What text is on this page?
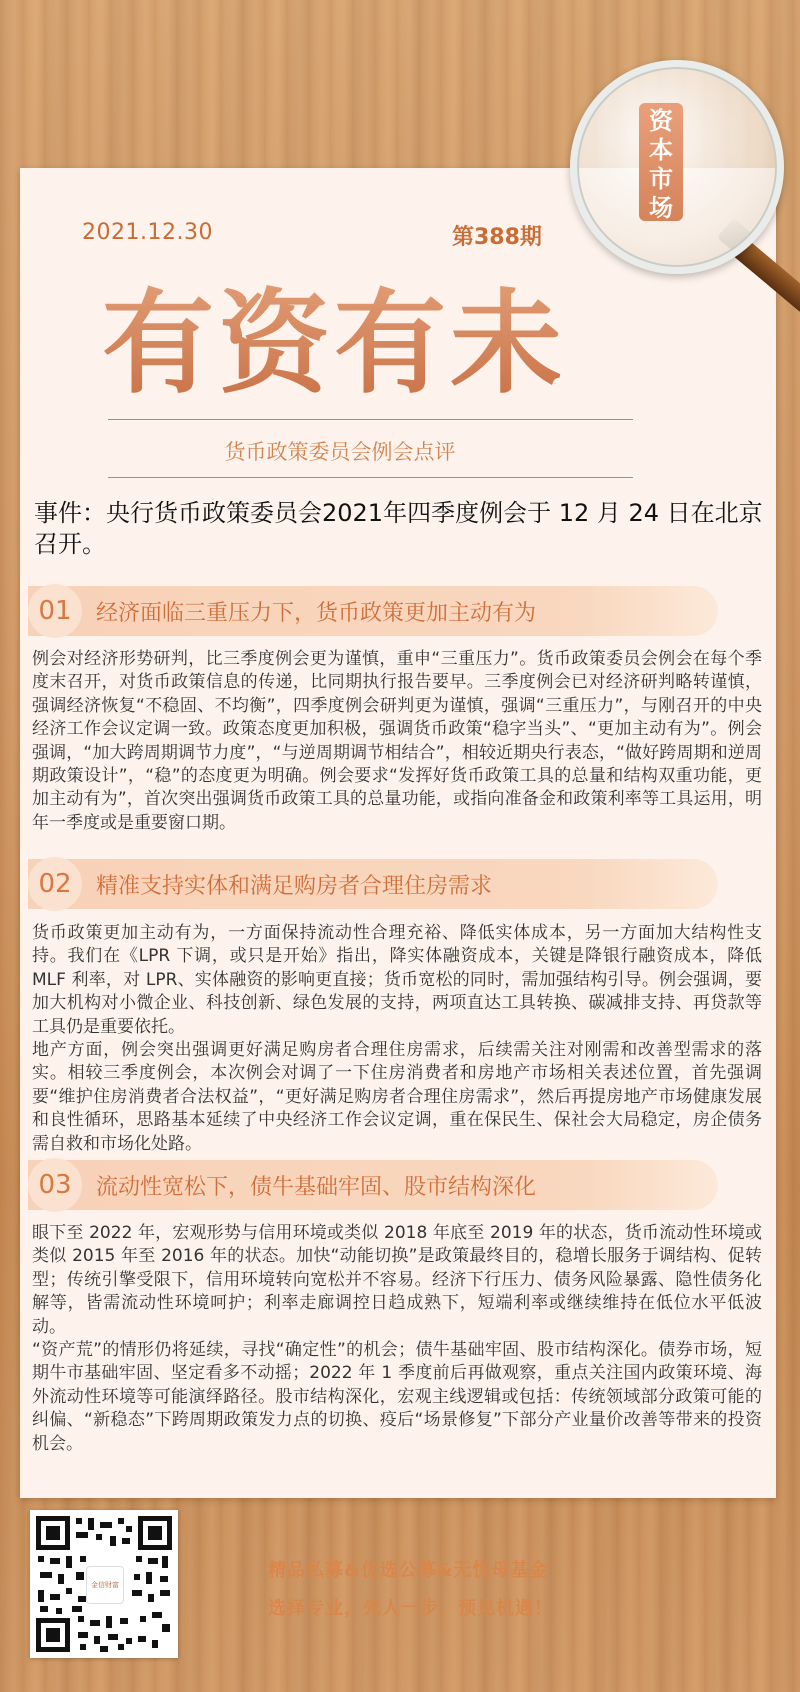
2021.12.30	第388期
有资有未
货币政策委员会例会点评
事件：央行货币政策委员会2021年四季度例会于 12 月 24 日在北京召开。
01	经济面临三重压力下，货币政策更加主动有为

例会对经济形势研判，比三季度例会更为谨慎，重申“三重压力”。货币政策委员会例会在每个季度末召开，对货币政策信息的传递，比同期执行报告要早。三季度例会已对经济研判略转谨慎，强调经济恢复“不稳固、不均衡”，四季度例会研判更为谨慎，强调“三重压力”，与刚召开的中央经济工作会议定调一致。政策态度更加积极，强调货币政策“稳字当头”、“更加主动有为”。例会强调，“加大跨周期调节力度”，“与逆周期调节相结合”，相较近期央行表态，“做好跨周期和逆周期政策设计”，“稳”的态度更为明确。例会要求“发挥好货币政策工具的总量和结构双重功能，更加主动有为”，首次突出强调货币政策工具的总量功能，或指向准备金和政策利率等工具运用，明年一季度或是重要窗口期。

02	精准支持实体和满足购房者合理住房需求

货币政策更加主动有为，一方面保持流动性合理充裕、降低实体成本，另一方面加大结构性支持。我们在《LPR 下调，或只是开始》指出，降实体融资成本，关键是降银行融资成本，降低 MLF 利率，对 LPR、实体融资的影响更直接；货币宽松的同时，需加强结构引导。例会强调，要加大机构对小微企业、科技创新、绿色发展的支持，两项直达工具转换、碳减排支持、再贷款等工具仍是重要依托。

地产方面，例会突出强调更好满足购房者合理住房需求，后续需关注对刚需和改善型需求的落实。相较三季度例会，本次例会对调了一下住房消费者和房地产市场相关表述位置，首先强调要“维护住房消费者合法权益”，“更好满足购房者合理住房需求”，然后再提房地产市场健康发展和良性循环，思路基本延续了中央经济工作会议定调，重在保民生、保社会大局稳定，房企债务需自救和市场化处路。

03	流动性宽松下，债牛基础牢固、股市结构深化

眼下至 2022 年，宏观形势与信用环境或类似 2018 年底至 2019 年的状态，货币流动性环境或类似 2015 年至 2016 年的状态。加快“动能切换”是政策最终目的，稳增长服务于调结构、促转型；传统引擎受限下，信用环境转向宽松并不容易。经济下行压力、债务风险暴露、隐性债务化解等，皆需流动性环境呵护；利率走廊调控日趋成熟下，短端利率或继续维持在低位水平低波动。

“资产荒”的情形仍将延续，寻找“确定性”的机会；债牛基础牢固、股市结构深化。债券市场，短期牛市基础牢固、坚定看多不动摇；2022 年 1 季度前后再做观察，重点关注国内政策环境、海外流动性环境等可能演绎路径。股市结构深化，宏观主线逻辑或包括：传统领域部分政策可能的纠偏、“新稳态”下跨周期政策发力点的切换、疫后“场景修复”下部分产业量价改善等带来的投资机会。

资本市场
金信财富
精品私募&优选公募&无忧母基金
选择专业，先人一步，预见机遇！
